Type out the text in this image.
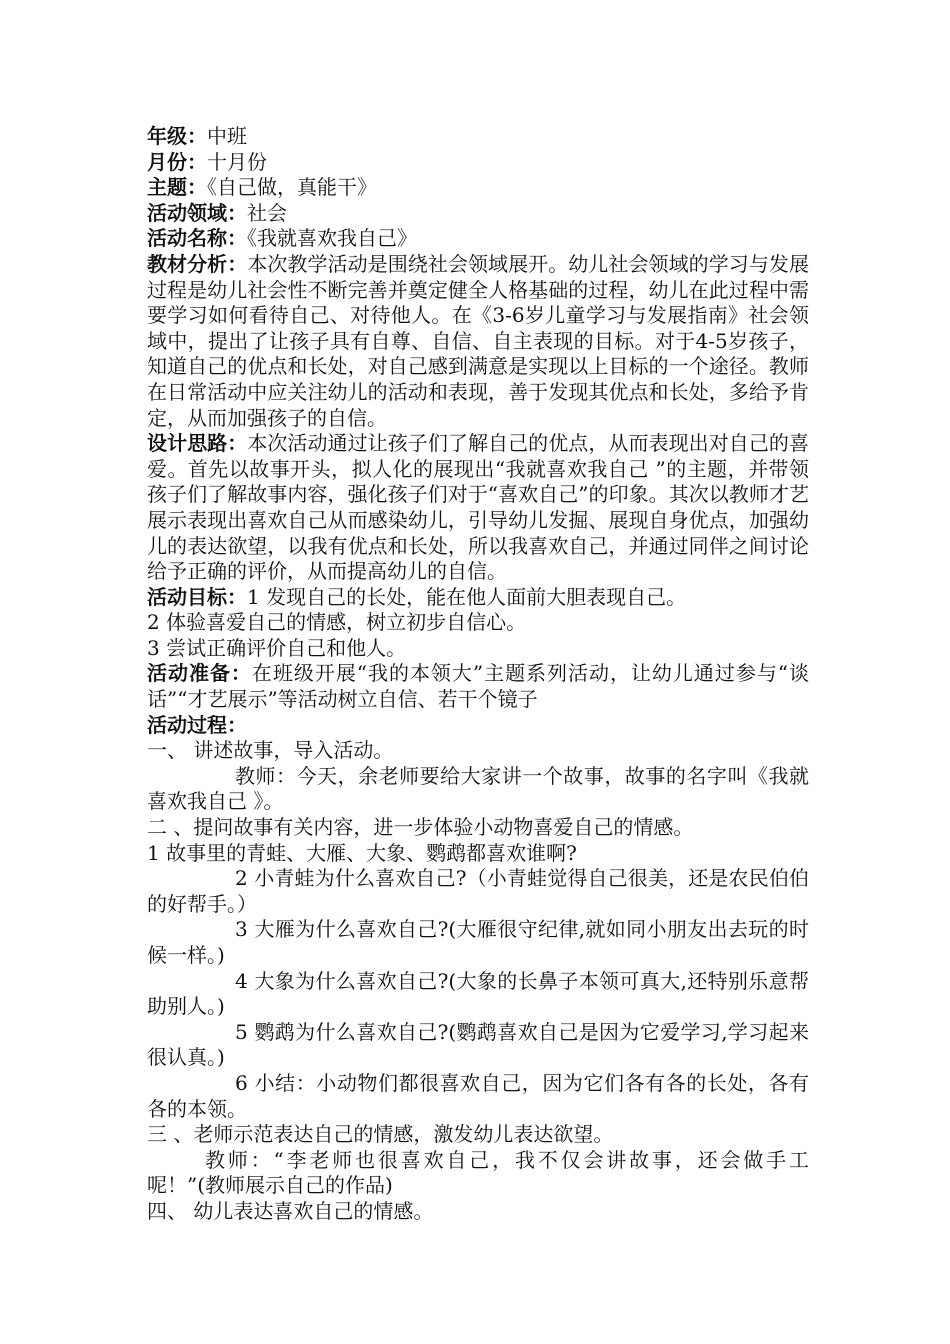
年级：中班

月份：十月份

主题：《自己做，真能干》

活动领域：社会

活动名称：《我就喜欢我自己》

教材分析：本次教学活动是围绕社会领域展开。幼儿社会领域的学习与发展过程是幼儿社会性不断完善并奠定健全人格基础的过程，幼儿在此过程中需要学习如何看待自己、对待他人。在《3-6岁儿童学习与发展指南》社会领域中，提出了让孩子具有自尊、自信、自主表现的目标。对于4-5岁孩子，知道自己的优点和长处，对自己感到满意是实现以上目标的一个途径。教师在日常活动中应关注幼儿的活动和表现，善于发现其优点和长处，多给予肯定，从而加强孩子的自信。

设计思路：本次活动通过让孩子们了解自己的优点，从而表现出对自己的喜爱。首先以故事开头，拟人化的展现出“我就喜欢我自己 ”的主题，并带领孩子们了解故事内容，强化孩子们对于“喜欢自己”的印象。其次以教师才艺展示表现出喜欢自己从而感染幼儿，引导幼儿发掘、展现自身优点，加强幼儿的表达欲望，以我有优点和长处，所以我喜欢自己，并通过同伴之间讨论给予正确的评价，从而提高幼儿的自信。

活动目标：1 发现自己的长处，能在他人面前大胆表现自己。

2 体验喜爱自己的情感，树立初步自信心。

3 尝试正确评价自己和他人。

活动准备：在班级开展“我的本领大”主题系列活动，让幼儿通过参与“谈话”“才艺展示”等活动树立自信、若干个镜子

活动过程：

一、 讲述故事，导入活动。

教师：今天，余老师要给大家讲一个故事，故事的名字叫《我就喜欢我自己 》。

二 、提问故事有关内容，进一步体验小动物喜爱自己的情感。

1 故事里的青蛙、大雁、大象、鹦鹉都喜欢谁啊?

2 小青蛙为什么喜欢自己?（小青蛙觉得自己很美，还是农民伯伯的好帮手。）

3 大雁为什么喜欢自己?(大雁很守纪律,就如同小朋友出去玩的时候一样。)

4 大象为什么喜欢自己?(大象的长鼻子本领可真大,还特别乐意帮助别人。)

5 鹦鹉为什么喜欢自己?(鹦鹉喜欢自己是因为它爱学习,学习起来很认真。)

6 小结：小动物们都很喜欢自己，因为它们各有各的长处，各有各的本领。

三 、老师示范表达自己的情感，激发幼儿表达欲望。

教师：“李老师也很喜欢自己，我不仅会讲故事，还会做手工呢！”(教师展示自己的作品)

四、 幼儿表达喜欢自己的情感。
